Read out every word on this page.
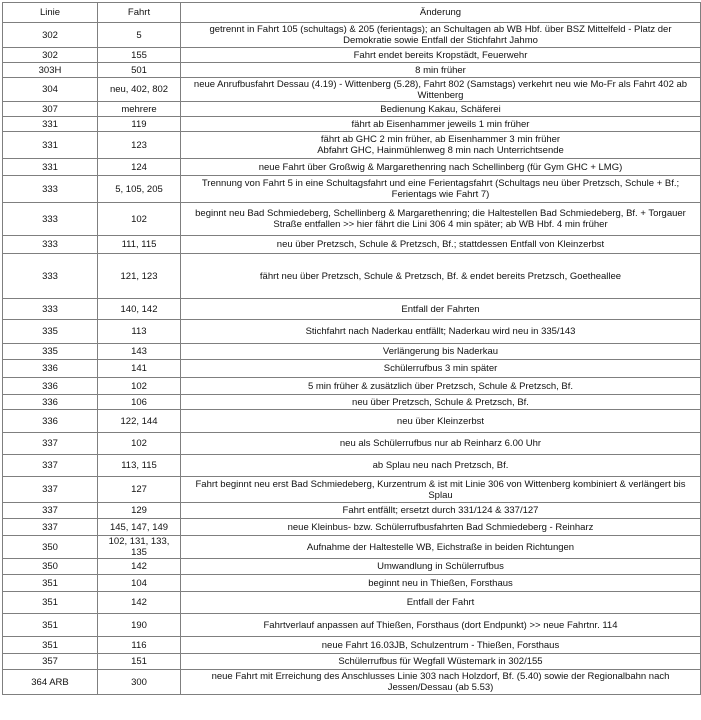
Linie	Fahrt	Änderung
302	5	getrennt in Fahrt 105 (schultags) & 205 (ferientags); an Schultagen ab WB Hbf. über BSZ Mittelfeld - Platz der Demokratie sowie Entfall der Stichfahrt Jahmo
302	155	Fahrt endet bereits Kropstädt, Feuerwehr
303H	501	8 min früher
304	neu, 402, 802	neue Anrufbusfahrt Dessau (4.19) - Wittenberg (5.28), Fahrt 802 (Samstags) verkehrt neu wie Mo-Fr als Fahrt 402 ab Wittenberg
307	mehrere	Bedienung Kakau, Schäferei
331	119	fährt ab Eisenhammer jeweils 1 min früher
331	123	fährt ab GHC 2 min früher, ab Eisenhammer 3 min früher
Abfahrt GHC, Hainmühlenweg 8 min nach Unterrichtsende
331	124	neue Fahrt über Großwig & Margarethenring nach Schellinberg (für Gym GHC + LMG)
333	5, 105, 205	Trennung von Fahrt 5 in eine Schultagsfahrt und eine Ferientagsfahrt (Schultags neu über Pretzsch, Schule + Bf.; Ferientags wie Fahrt 7)
333	102	beginnt neu Bad Schmiedeberg, Schellinberg & Margarethenring; die Haltestellen Bad Schmiedeberg, Bf. + Torgauer Straße entfallen >> hier fährt die Lini 306 4 min später; ab WB Hbf. 4 min früher
333	111, 115	neu über Pretzsch, Schule & Pretzsch, Bf.; stattdessen Entfall von Kleinzerbst
333	121, 123	fährt neu über Pretzsch, Schule & Pretzsch, Bf. & endet bereits Pretzsch, Goetheallee
333	140, 142	Entfall der Fahrten
335	113	Stichfahrt nach Naderkau entfällt; Naderkau wird neu in 335/143
335	143	Verlängerung bis Naderkau
336	141	Schülerrufbus 3 min später
336	102	5 min früher & zusätzlich über Pretzsch, Schule & Pretzsch, Bf.
336	106	neu über Pretzsch, Schule & Pretzsch, Bf.
336	122, 144	neu über Kleinzerbst
337	102	neu als Schülerrufbus nur ab Reinharz 6.00 Uhr
337	113, 115	ab Splau neu nach Pretzsch, Bf.
337	127	Fahrt beginnt neu erst Bad Schmiedeberg, Kurzentrum & ist mit Linie 306 von Wittenberg kombiniert & verlängert bis Splau
337	129	Fahrt entfällt; ersetzt durch 331/124 & 337/127
337	145, 147, 149	neue Kleinbus- bzw. Schülerrufbusfahrten Bad Schmiedeberg - Reinharz
350	102, 131, 133, 135	Aufnahme der Haltestelle WB, Eichstraße in beiden Richtungen
350	142	Umwandlung in Schülerrufbus
351	104	beginnt neu in Thießen, Forsthaus
351	142	Entfall der Fahrt
351	190	Fahrtverlauf anpassen auf Thießen, Forsthaus (dort Endpunkt) >> neue Fahrtnr. 114
351	116	neue Fahrt 16.03JB, Schulzentrum - Thießen, Forsthaus
357	151	Schülerrufbus für Wegfall Wüstemark in 302/155
364 ARB	300	neue Fahrt mit Erreichung des Anschlusses Linie 303 nach Holzdorf, Bf. (5.40) sowie der Regionalbahn nach Jessen/Dessau (ab 5.53)
